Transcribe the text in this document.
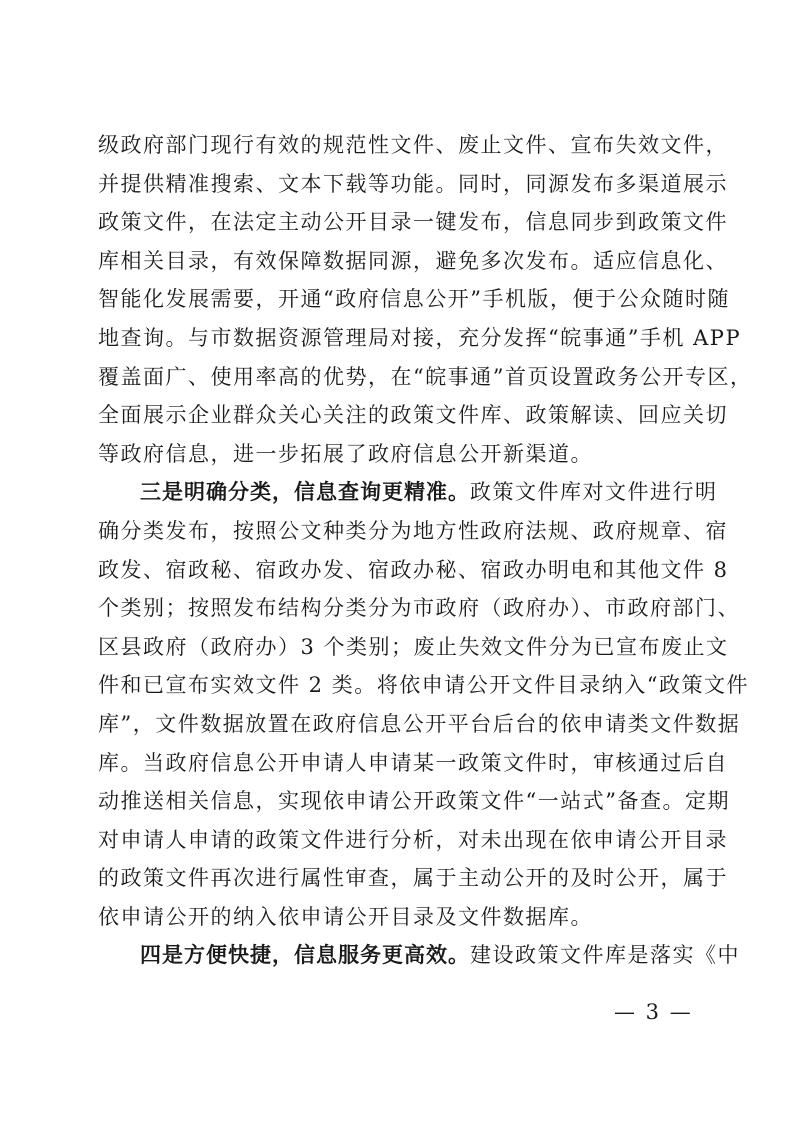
级政府部门现行有效的规范性文件、废止文件、宣布失效文件，
并提供精准搜索、文本下载等功能。同时，同源发布多渠道展示
政策文件，在法定主动公开目录一键发布，信息同步到政策文件
库相关目录，有效保障数据同源，避免多次发布。适应信息化、
智能化发展需要，开通“政府信息公开”手机版，便于公众随时随
地查询。与市数据资源管理局对接，充分发挥“皖事通”手机 APP
覆盖面广、使用率高的优势，在“皖事通”首页设置政务公开专区，
全面展示企业群众关心关注的政策文件库、政策解读、回应关切
等政府信息，进一步拓展了政府信息公开新渠道。

三是明确分类，信息查询更精准。政策文件库对文件进行明
确分类发布，按照公文种类分为地方性政府法规、政府规章、宿
政发、宿政秘、宿政办发、宿政办秘、宿政办明电和其他文件 8
个类别；按照发布结构分类分为市政府（政府办）、市政府部门、
区县政府（政府办）3 个类别；废止失效文件分为已宣布废止文
件和已宣布实效文件 2 类。将依申请公开文件目录纳入“政策文件
库”，文件数据放置在政府信息公开平台后台的依申请类文件数据
库。当政府信息公开申请人申请某一政策文件时，审核通过后自
动推送相关信息，实现依申请公开政策文件“一站式”备查。定期
对申请人申请的政策文件进行分析，对未出现在依申请公开目录
的政策文件再次进行属性审查，属于主动公开的及时公开，属于
依申请公开的纳入依申请公开目录及文件数据库。

四是方便快捷，信息服务更高效。建设政策文件库是落实《中

— 3 —
